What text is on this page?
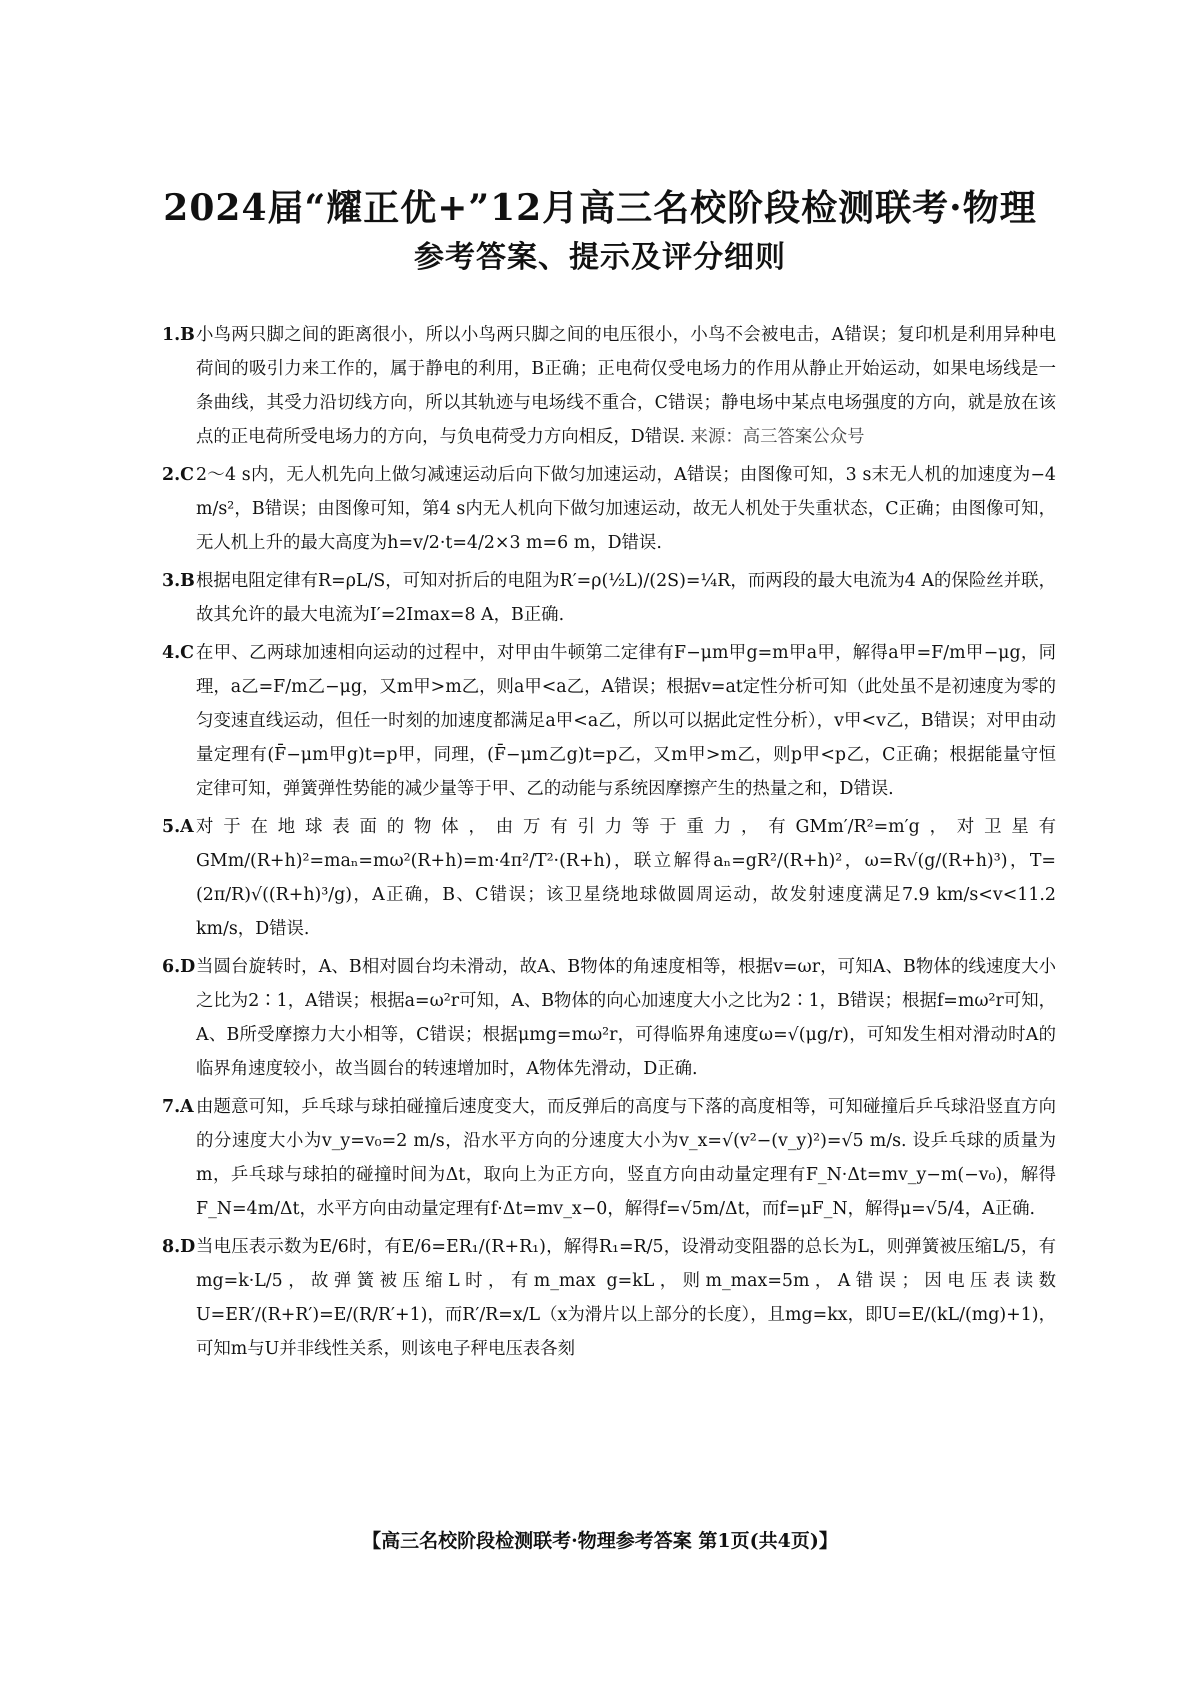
2024届“耀正优+”12月高三名校阶段检测联考·物理
参考答案、提示及评分细则
1.B 小鸟两只脚之间的距离很小，所以小鸟两只脚之间的电压很小，小鸟不会被电击，A错误；复印机是利用异种电荷间的吸引力来工作的，属于静电的利用，B正确；正电荷仅受电场力的作用从静止开始运动，如果电场线是一条曲线，其受力沿切线方向，所以其轨迹与电场线不重合，C错误；静电场中某点电场强度的方向，就是放在该点的正电荷所受电场力的方向，与负电荷受力方向相反，D错误. 来源：高三答案公众号
2.C 2～4 s内，无人机先向上做匀减速运动后向下做匀加速运动，A错误；由图像可知，3 s末无人机的加速度为−4 m/s²，B错误；由图像可知，第4 s内无人机向下做匀加速运动，故无人机处于失重状态，C正确；由图像可知，无人机上升的最大高度为h=v/2·t=4/2×3 m=6 m，D错误.
3.B 根据电阻定律有R=ρL/S，可知对折后的电阻为R′=ρ(½L)/(2S)=¼R，而两段的最大电流为4 A的保险丝并联，故其允许的最大电流为I′=2Imax=8 A，B正确.
4.C 在甲、乙两球加速相向运动的过程中，对甲由牛顿第二定律有F−μm甲g=m甲a甲，解得a甲=F/m甲−μg，同理，a乙=F/m乙−μg，又m甲>m乙，则a甲<a乙，A错误；根据v=at定性分析可知（此处虽不是初速度为零的匀变速直线运动，但任一时刻的加速度都满足a甲<a乙，所以可以据此定性分析），v甲<v乙，B错误；对甲由动量定理有(F̄−μm甲g)t=p甲，同理，(F̄−μm乙g)t=p乙，又m甲>m乙，则p甲<p乙，C正确；根据能量守恒定律可知，弹簧弹性势能的减少量等于甲、乙的动能与系统因摩擦产生的热量之和，D错误.
5.A 对于在地球表面的物体，由万有引力等于重力，有GMm′/R²=m′g，对卫星有GMm/(R+h)²=maₙ=mω²(R+h)=m·4π²/T²·(R+h)，联立解得aₙ=gR²/(R+h)²，ω=R√(g/(R+h)³)，T=(2π/R)√((R+h)³/g)，A正确，B、C错误；该卫星绕地球做圆周运动，故发射速度满足7.9 km/s<v<11.2 km/s，D错误.
6.D 当圆台旋转时，A、B相对圆台均未滑动，故A、B物体的角速度相等，根据v=ωr，可知A、B物体的线速度大小之比为2∶1，A错误；根据a=ω²r可知，A、B物体的向心加速度大小之比为2∶1，B错误；根据f=mω²r可知，A、B所受摩擦力大小相等，C错误；根据μmg=mω²r，可得临界角速度ω=√(μg/r)，可知发生相对滑动时A的临界角速度较小，故当圆台的转速增加时，A物体先滑动，D正确.
7.A 由题意可知，乒乓球与球拍碰撞后速度变大，而反弹后的高度与下落的高度相等，可知碰撞后乒乓球沿竖直方向的分速度大小为v_y=v₀=2 m/s，沿水平方向的分速度大小为v_x=√(v²−(v_y)²)=√5 m/s. 设乒乓球的质量为m，乒乓球与球拍的碰撞时间为Δt，取向上为正方向，竖直方向由动量定理有F_N·Δt=mv_y−m(−v₀)，解得F_N=4m/Δt，水平方向由动量定理有f·Δt=mv_x−0，解得f=√5m/Δt，而f=μF_N，解得μ=√5/4，A正确.
8.D 当电压表示数为E/6时，有E/6=ER₁/(R+R₁)，解得R₁=R/5，设滑动变阻器的总长为L，则弹簧被压缩L/5，有mg=k·L/5，故弹簧被压缩L时，有m_max g=kL，则m_max=5m，A错误；因电压表读数U=ER′/(R+R′)=E/(R/R′+1)，而R′/R=x/L（x为滑片以上部分的长度），且mg=kx，即U=E/(kL/(mg)+1)，可知m与U并非线性关系，则该电子秤电压表各刻
【高三名校阶段检测联考·物理参考答案 第1页(共4页)】
